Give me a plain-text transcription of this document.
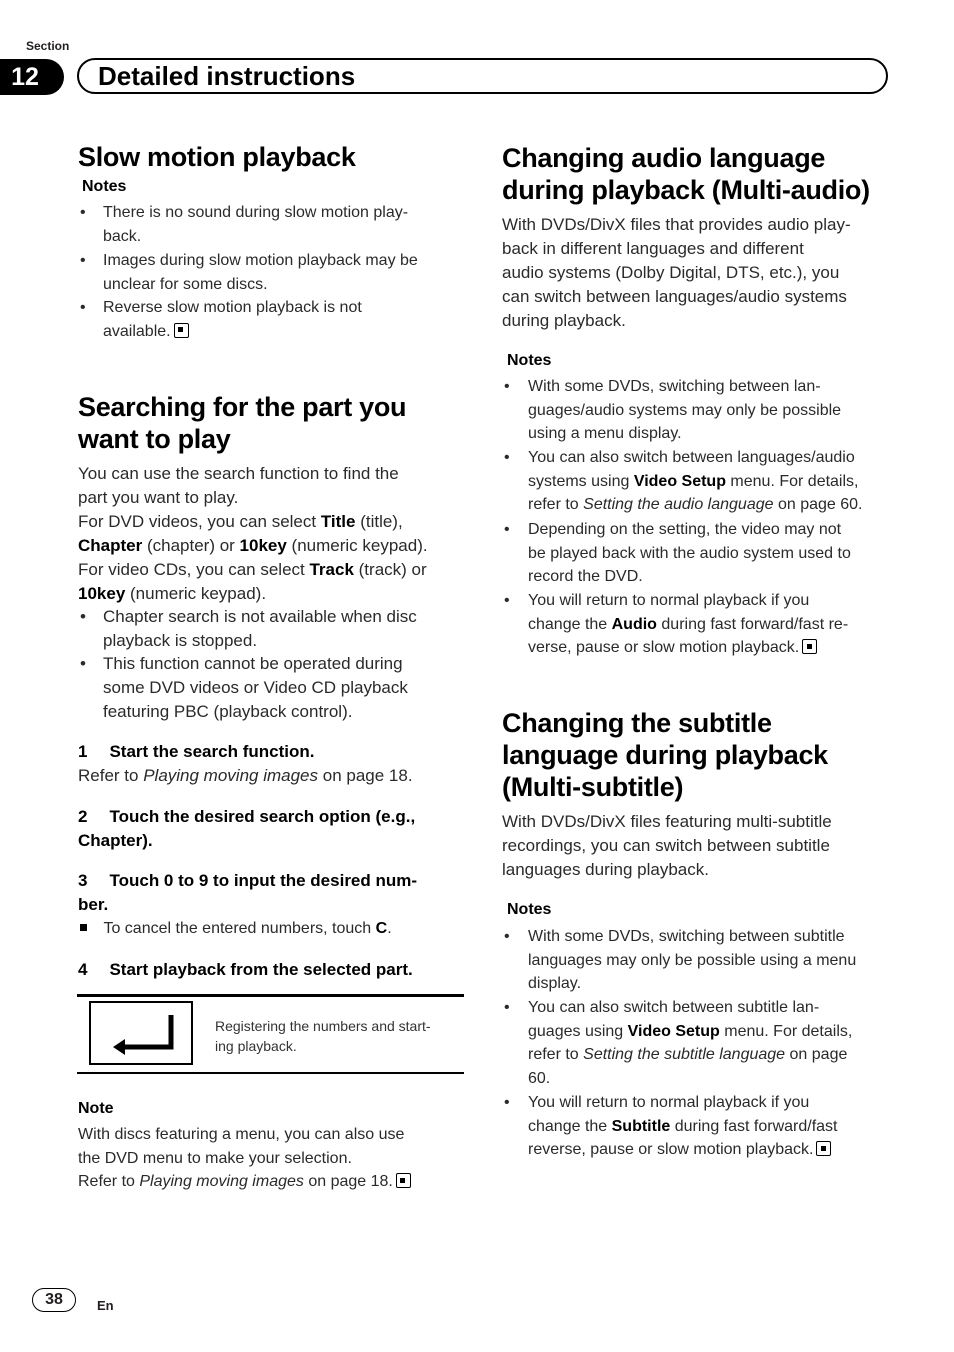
Section
12	Detailed instructions
Slow motion playback
Notes
•	There is no sound during slow motion play-
back.
•	Images during slow motion playback may be
unclear for some discs.
•	Reverse slow motion playback is not
available.
Searching for the part you
want to play
You can use the search function to find the
part you want to play.
For DVD videos, you can select Title (title),
Chapter (chapter) or 10key (numeric keypad).
For video CDs, you can select Track (track) or
10key (numeric keypad).
•	Chapter search is not available when disc
playback is stopped.
•	This function cannot be operated during
some DVD videos or Video CD playback
featuring PBC (playback control).
1 Start the search function.
Refer to Playing moving images on page 18.
2 Touch the desired search option (e.g.,
Chapter).
3 Touch 0 to 9 to input the desired num-
ber.
To cancel the entered numbers, touch C.
4 Start playback from the selected part.
Registering the numbers and start-
ing playback.
Note
With discs featuring a menu, you can also use
the DVD menu to make your selection.
Refer to Playing moving images on page 18.
Changing audio language
during playback (Multi-audio)
With DVDs/DivX files that provides audio play-
back in different languages and different
audio systems (Dolby Digital, DTS, etc.), you
can switch between languages/audio systems
during playback.
Notes
•	With some DVDs, switching between lan-
guages/audio systems may only be possible
using a menu display.
•	You can also switch between languages/audio
systems using Video Setup menu. For details,
refer to Setting the audio language on page 60.
•	Depending on the setting, the video may not
be played back with the audio system used to
record the DVD.
•	You will return to normal playback if you
change the Audio during fast forward/fast re-
verse, pause or slow motion playback.
Changing the subtitle
language during playback
(Multi-subtitle)
With DVDs/DivX files featuring multi-subtitle
recordings, you can switch between subtitle
languages during playback.
Notes
•	With some DVDs, switching between subtitle
languages may only be possible using a menu
display.
•	You can also switch between subtitle lan-
guages using Video Setup menu. For details,
refer to Setting the subtitle language on page
60.
•	You will return to normal playback if you
change the Subtitle during fast forward/fast
reverse, pause or slow motion playback.
38	En
